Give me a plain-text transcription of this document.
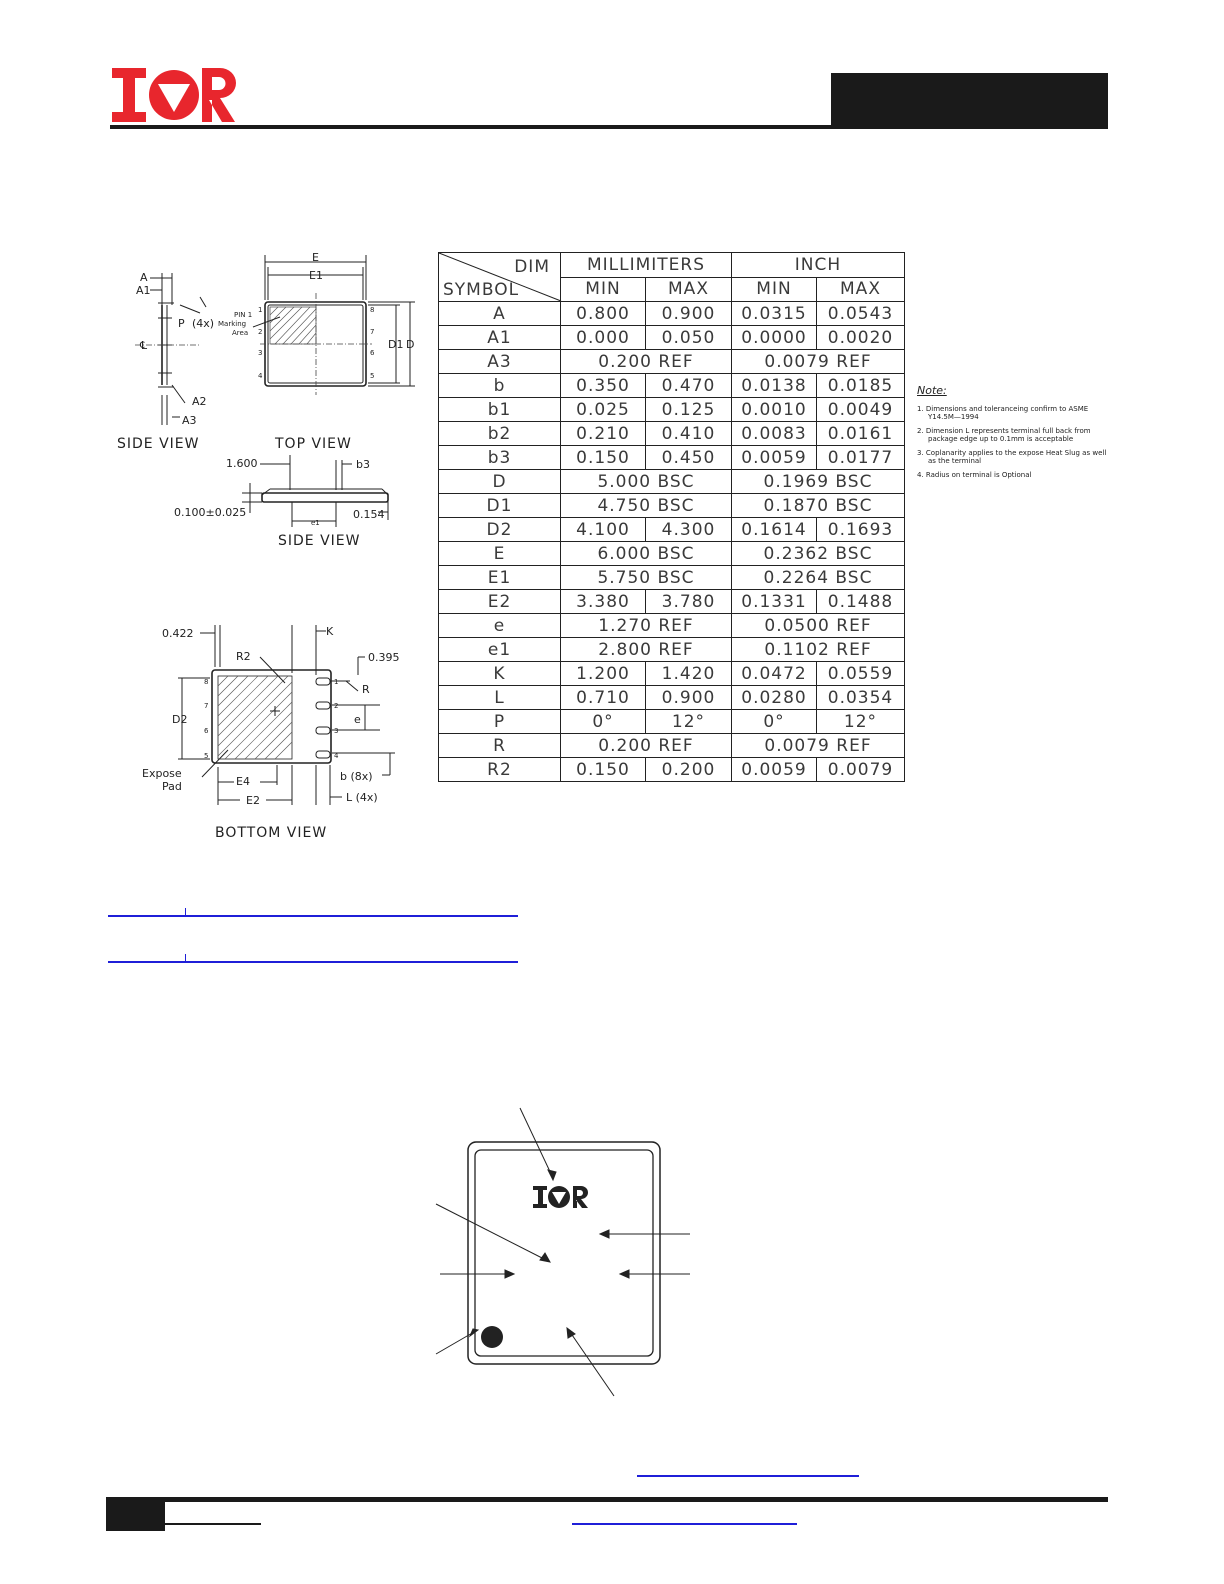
IOR
A
A1
P (4x)
℄
A2
A3
SIDE VIEW
E
E1
PIN 1
Marking
Area
D1 D
1
2
3
4
8
7
6
5
TOP VIEW
1.600	b3
0.100±0.025
e1
0.154
SIDE VIEW
0.422	K
R2	0.395
R
D2	e
Expose
Pad	E4
E2
b (8x)
L (4x)
8
7
6
5
1
2
3
4
BOTTOM VIEW
DIM
SYMBOL	MILLIMITERS		INCH	
	MIN	MAX	MIN	MAX
A	0.800	0.900	0.0315	0.0543
A1	0.000	0.050	0.0000	0.0020
A3	0.200 REF		0.0079 REF	
b	0.350	0.470	0.0138	0.0185
b1	0.025	0.125	0.0010	0.0049
b2	0.210	0.410	0.0083	0.0161
b3	0.150	0.450	0.0059	0.0177
D	5.000 BSC		0.1969 BSC	
D1	4.750 BSC		0.1870 BSC	
D2	4.100	4.300	0.1614	0.1693
E	6.000 BSC		0.2362 BSC	
E1	5.750 BSC		0.2264 BSC	
E2	3.380	3.780	0.1331	0.1488
e	1.270 REF		0.0500 REF	
e1	2.800 REF		0.1102 REF	
K	1.200	1.420	0.0472	0.0559
L	0.710	0.900	0.0280	0.0354
P	0°	12°	0°	12°
R	0.200 REF		0.0079 REF	
R2	0.150	0.200	0.0059	0.0079
Note:
1. Dimensions and toleranceing confirm to ASME Y14.5M—1994
2. Dimension L represents terminal full back from package edge up to 0.1mm is acceptable
3. Coplanarity applies to the expose Heat Slug as well as the terminal
4. Radius on terminal is Optional
